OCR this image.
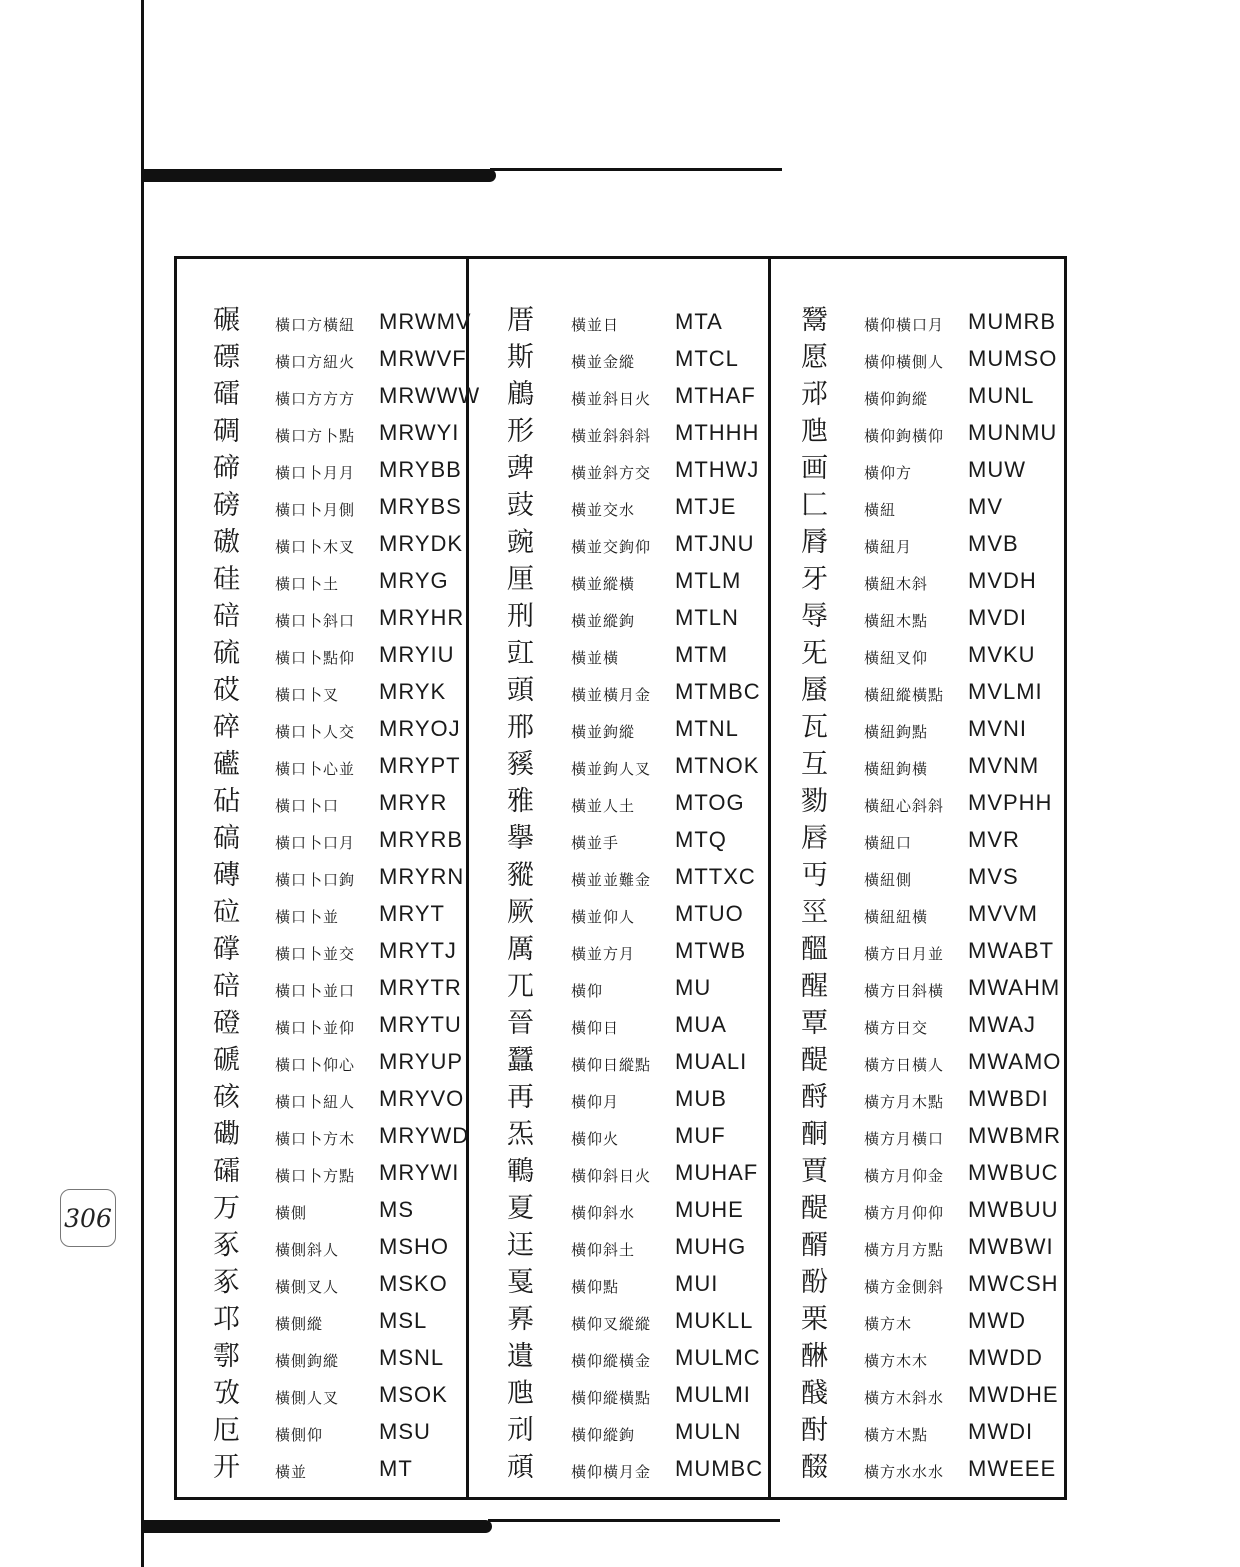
306
碾 橫口方橫紐 MRWMV
磦 橫口方紐火 MRWVF
礌 橫口方方方 MRWWW
碉 橫口方卜點 MRWYI
碲 橫口卜月月 MRYBB
磅 橫口卜月側 MRYBS
磝 橫口卜木叉 MRYDK
硅 橫口卜土 MRYG
碚 橫口卜斜口 MRYHR
硫 橫口卜點仰 MRYIU
砹 橫口卜叉 MRYK
碎 橫口卜人交 MRYOJ
礷 橫口卜心並 MRYPT
砧 橫口卜口 MRYR
碻 橫口卜口月 MRYRB
磚 橫口卜口鉤 MRYRN
砬 橫口卜並 MRYT
礃 橫口卜並交 MRYTJ
碚 橫口卜並口 MRYTR
磴 橫口卜並仰 MRYTU
磃 橫口卜仰心 MRYUP
硋 橫口卜紐人 MRYVO
磡 橫口卜方木 MRYWD
礵 橫口卜方點 MRYWI
万 橫側	MS
豖 橫側斜人 MSHO
豖 橫側叉人 MSKO
邛 橫側縱	MSL
鄠 橫側鉤縱 MSNL
攷 橫側人叉 MSOK
厄 橫側仰	MSU
开 橫並	MT
厝 橫並日	MTA
斯 橫並金縱 MTCL
鵳 橫並斜日火 MTHAF
形 橫並斜斜斜 MTHHH
豍 橫並斜方交 MTHWJ
豉 橫並交水 MTJE
豌 橫並交鉤仰 MTJNU
厘 橫並縱橫 MTLM
刑 橫並縱鉤 MTLN
豇 橫並橫	MTM
頭 橫並橫月金 MTMBC
邢 橫並鉤縱 MTNL
豯 橫並鉤人叉 MTNOK
雅 橫並人土 MTOG
擧 橫並手	MTQ
豵 橫並並難金 MTTXC
厥 橫並仰人 MTUO
厲 橫並方月 MTWB
兀 橫仰	MU
晉 橫仰日	MUA
蠶 橫仰日縱點 MUALI
再 橫仰月	MUB
炁 橫仰火	MUF
鶤 橫仰斜日火 MUHAF
夏 橫仰斜水 MUHE
迋 橫仰斜土 MUHG
戛 橫仰點	MUI
奡 橫仰叉縱縱 MUKLL
遺 橫仰縱橫金 MULMC
虺 橫仰縱橫點 MULMI
刓 橫仰縱鉤 MULN
頑 橫仰橫月金 MUMBC
鬵 橫仰橫口月 MUMRB
愿 橫仰橫側人 MUMSO
邧 橫仰鉤縱 MUNL
虺 橫仰鉤橫仰 MUNMU
画 橫仰方	MUW
匚 橫紐	MV
脣 橫紐月	MVB
牙 橫紐木斜 MVDH
辱 橫紐木點 MVDI
旡 橫紐叉仰 MVKU
蜃 橫紐縱橫點 MVLMI
瓦 橫紐鉤點 MVNI
互 橫紐鉤橫 MVNM
勠 橫紐心斜斜 MVPHH
唇 橫紐口	MVR
丏 橫紐側	MVS
巠 橫紐紐橫 MVVM
醞 橫方日月並 MWABT
醒 橫方日斜橫 MWAHM
覃 橫方日交 MWAJ
醍 橫方日橫人 MWAMO
酹 橫方月木點 MWBDI
酮 橫方月橫口 MWBMR
賈 橫方月仰金 MWBUC
醍 橫方月仰仰 MWBUU
醑 橫方月方點 MWBWI
酚 橫方金側斜 MWCSH
栗 橫方木	MWD
醂 橫方木木 MWDD
醆 橫方木斜水 MWDHE
酎 橫方木點 MWDI
醊 橫方水水水 MWEEE
